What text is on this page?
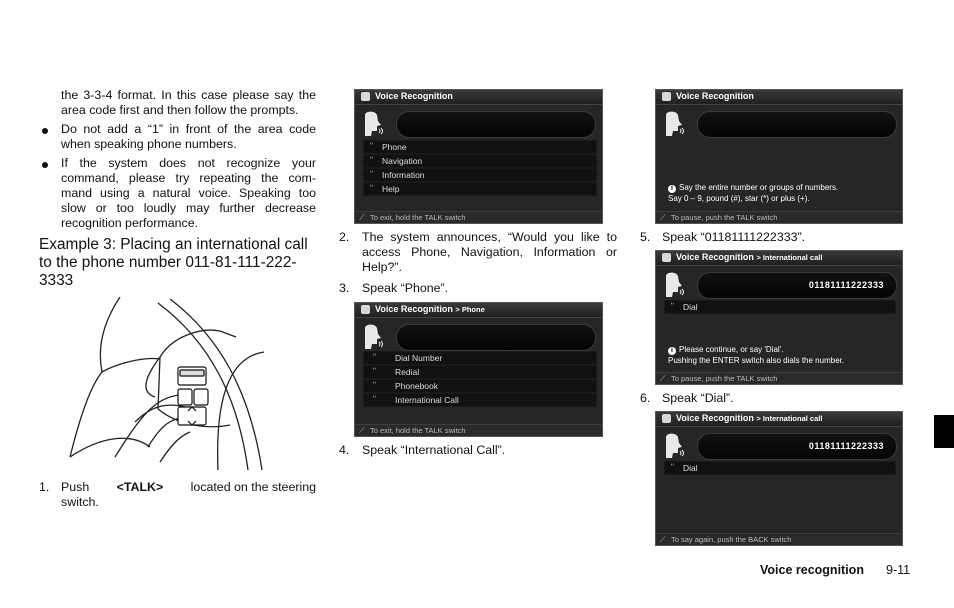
the 3-3-4 format. In this case please say the
area code first and then follow the prompts.
Do not add a “1” in front of the area code
when speaking phone numbers.
If the system does not recognize your
command, please try repeating the com-
mand using a natural voice. Speaking too
slow or too loudly may further decrease
recognition performance.
Example 3: Placing an international call
to the phone number 011-81-111-222-
3333
1. Push <TALK> located on the steering
switch.
Voice Recognition
ʼʼ Phone
ʼʼ Navigation
ʼʼ Information
ʼʼ Help
⟋ To exit, hold the TALK switch
2. The system announces, “Would you like to
access Phone, Navigation, Information or
Help?”.
3. Speak “Phone”.
Voice Recognition > Phone
ʼʼ Dial Number
ʼʼ Redial
ʼʼ Phonebook
ʼʼ International Call
⟋ To exit, hold the TALK switch
4. Speak “International Call”.
Voice Recognition
i Say the entire number or groups of numbers.
Say 0 – 9, pound (#), star (*) or plus (+).
⟋ To pause, push the TALK switch
5. Speak “01181111222333”.
Voice Recognition > International call
01181111222333
ʼʼ Dial
i Please continue, or say 'Dial'.
Pushing the ENTER switch also dials the number.
⟋ To pause, push the TALK switch
6. Speak “Dial”.
Voice Recognition > International call
01181111222333
ʼʼ Dial
⟋ To say again, push the BACK switch
Voice recognition 9-11
